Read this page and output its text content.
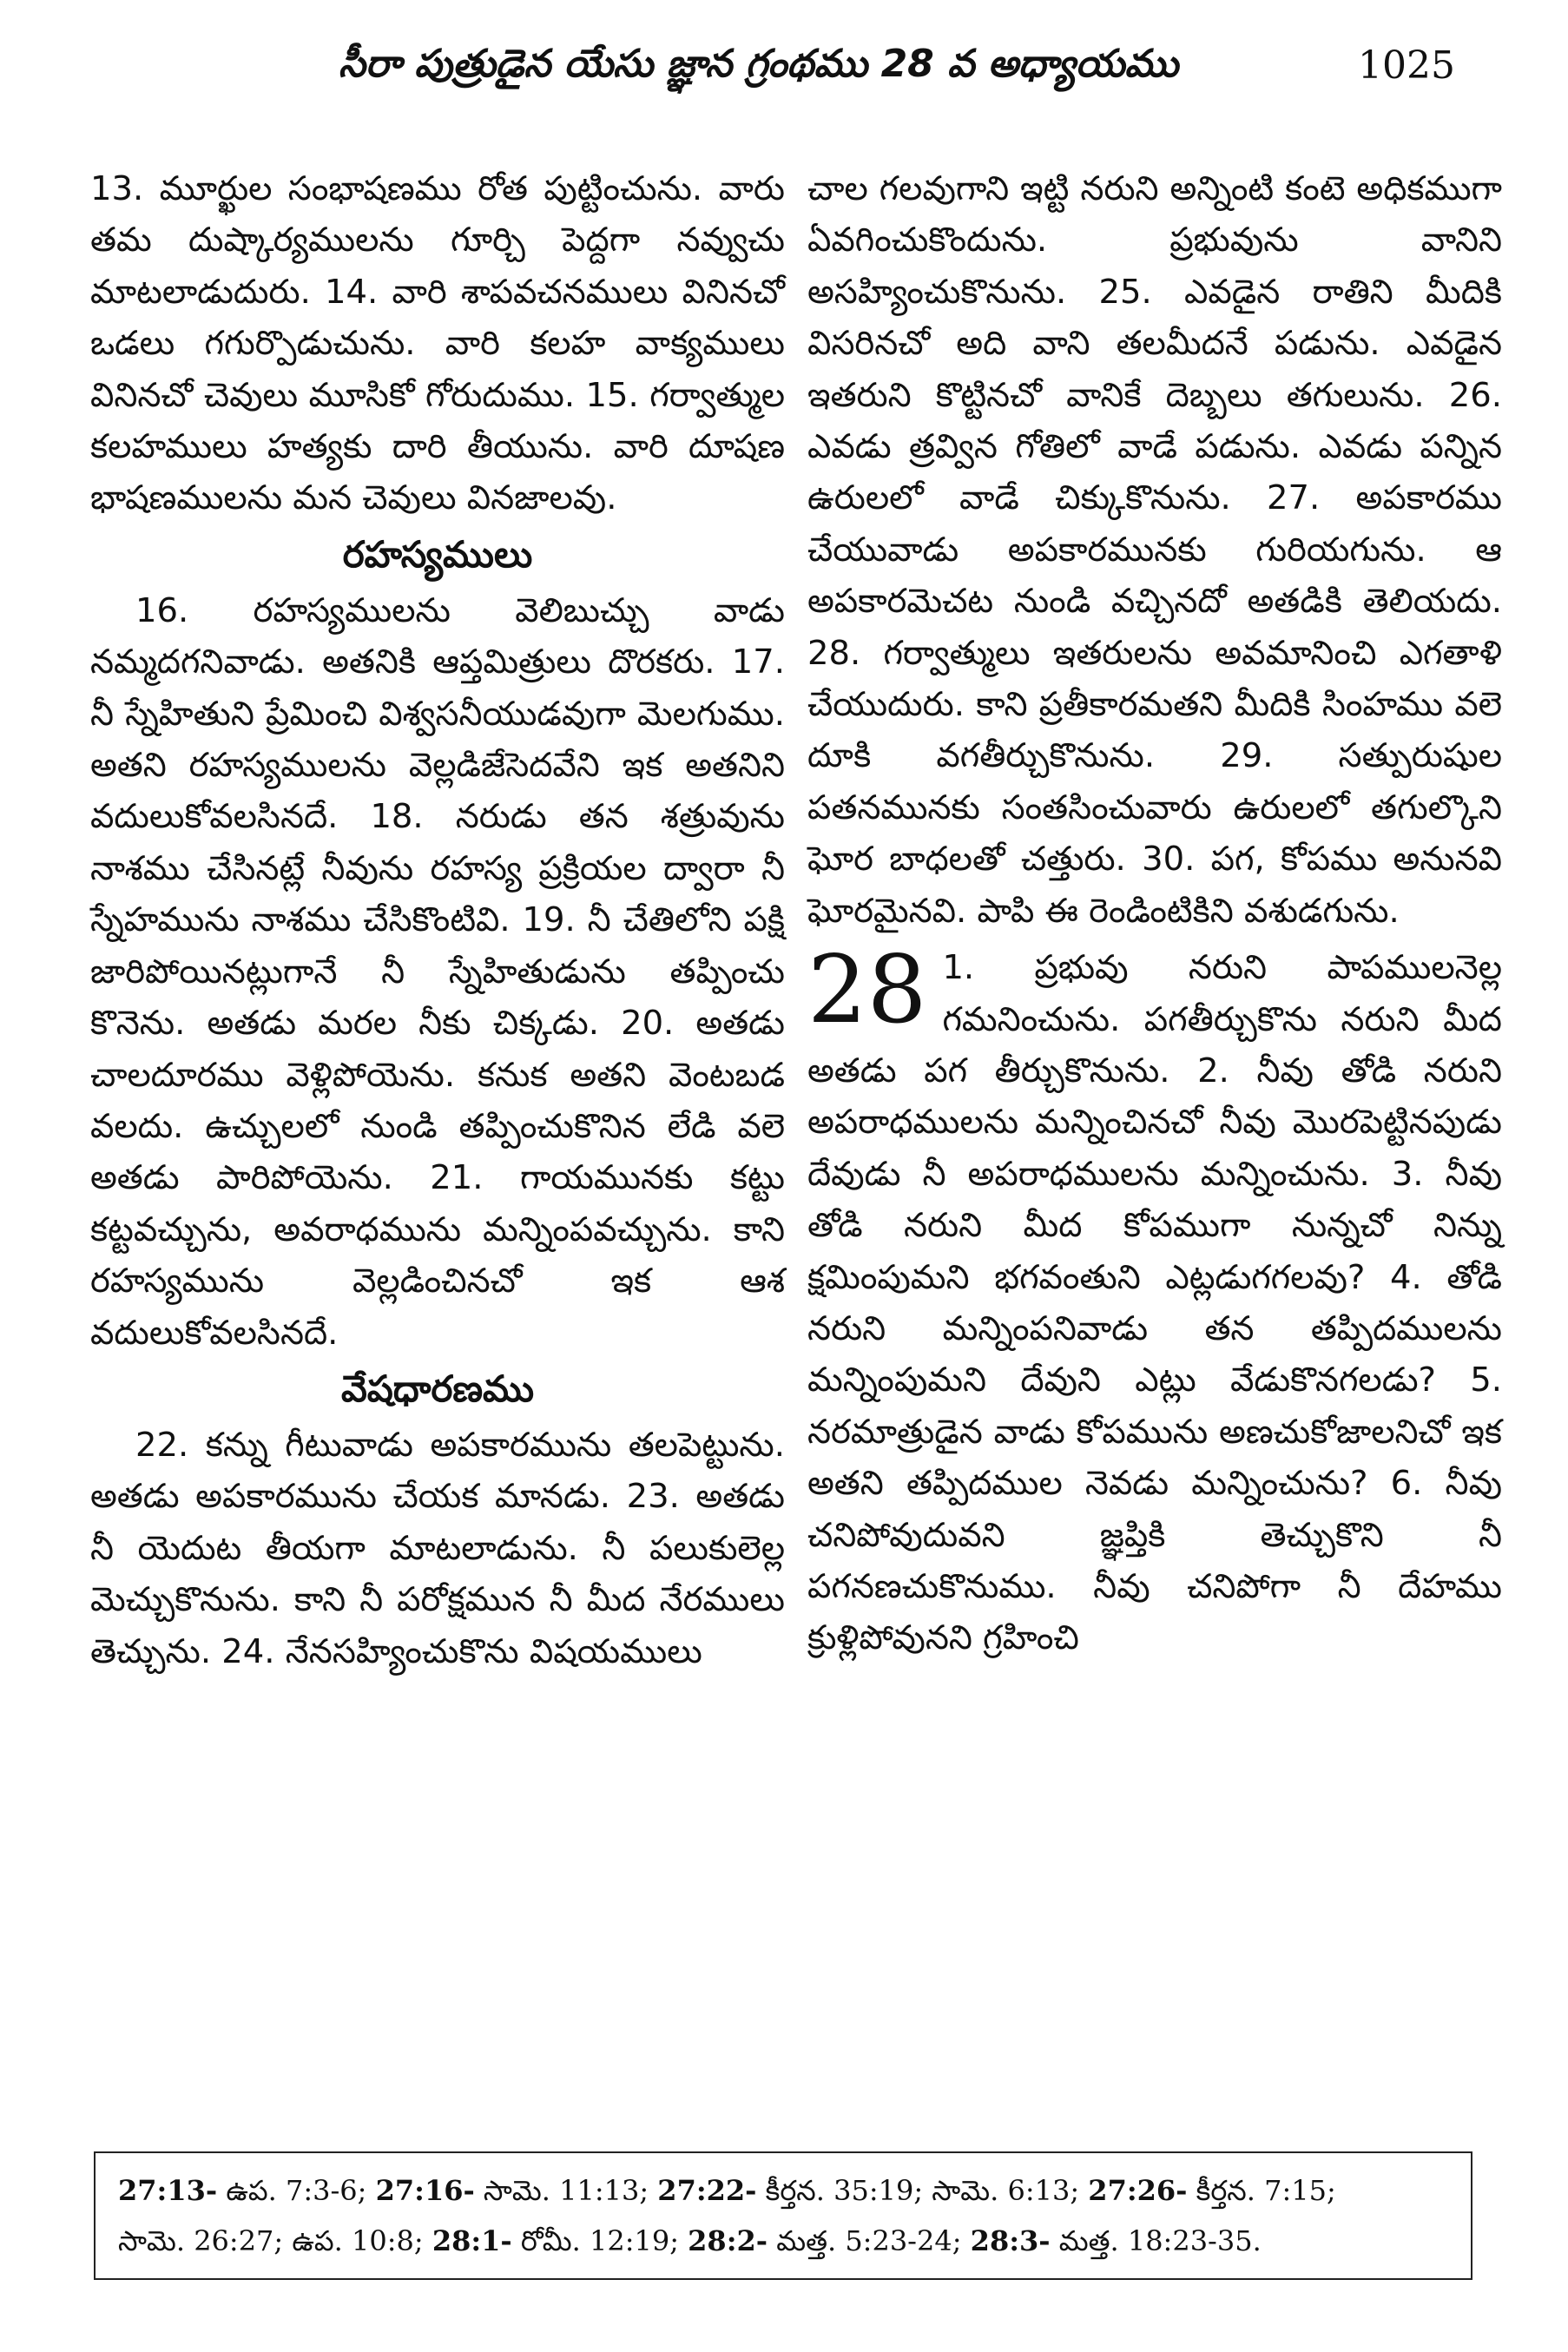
సీరా పుత్రుడైన యేసు జ్ఞాన గ్రంథము 28 వ అధ్యాయము	1025

13. మూర్ఖుల సంభాషణము రోత పుట్టించును. వారు తమ దుష్కార్యములను గూర్చి పెద్దగా నవ్వుచు మాటలాడుదురు. 14. వారి శాపవచనములు వినినచో ఒడలు గగుర్పొడుచును. వారి కలహ వాక్యములు వినినచో చెవులు మూసికో గోరుదుము. 15. గర్వాత్ముల కలహములు హత్యకు దారి తీయును. వారి దూషణ భాషణములను మన చెవులు వినజాలవు.

రహస్యములు

16. రహస్యములను వెలిబుచ్చు వాడు నమ్మదగనివాడు. అతనికి ఆప్తమిత్రులు దొరకరు. 17. నీ స్నేహితుని ప్రేమించి విశ్వసనీయుడవుగా మెలగుము. అతని రహస్యములను వెల్లడిజేసెదవేని ఇక అతనిని వదులుకోవలసినదే. 18. నరుడు తన శత్రువును నాశము చేసినట్లే నీవును రహస్య ప్రక్రియల ద్వారా నీ స్నేహమును నాశము చేసికొంటివి. 19. నీ చేతిలోని పక్షి జారిపోయినట్లుగానే నీ స్నేహితుడును తప్పించు కొనెను. అతడు మరల నీకు చిక్కడు. 20. అతడు చాలదూరము వెళ్లిపోయెను. కనుక అతని వెంటబడ వలదు. ఉచ్చులలో నుండి తప్పించుకొనిన లేడి వలె అతడు పారిపోయెను. 21. గాయమునకు కట్టు కట్టవచ్చును, అవరాధమును మన్నింపవచ్చును. కాని రహస్యమును వెల్లడించినచో ఇక ఆశ వదులుకోవలసినదే.

వేషధారణము

22. కన్ను గీటువాడు అపకారమును తలపెట్టును. అతడు అపకారమును చేయక మానడు. 23. అతడు నీ యెదుట తీయగా మాటలాడును. నీ పలుకులెల్ల మెచ్చుకొనును. కాని నీ పరోక్షమున నీ మీద నేరములు తెచ్చును. 24. నేనసహ్యించుకొను విషయములు

చాల గలవుగాని ఇట్టి నరుని అన్నింటి కంటె అధికముగా ఏవగించుకొందును. ప్రభువును వానిని అసహ్యించుకొనును. 25. ఎవడైన రాతిని మీదికి విసరినచో అది వాని తలమీదనే పడును. ఎవడైన ఇతరుని కొట్టినచో వానికే దెబ్బలు తగులును. 26. ఎవడు త్రవ్విన గోతిలో వాడే పడును. ఎవడు పన్నిన ఉరులలో వాడే చిక్కుకొనును. 27. అపకారము చేయువాడు అపకారమునకు గురియగును. ఆ అపకారమెచట నుండి వచ్చినదో అతడికి తెలియదు. 28. గర్వాత్ములు ఇతరులను అవమానించి ఎగతాళి చేయుదురు. కాని ప్రతీకారమతని మీదికి సింహము వలె దూకి వగతీర్చుకొనును. 29. సత్పురుషుల పతనమునకు సంతసించువారు ఉరులలో తగుల్కొని ఘోర బాధలతో చత్తురు. 30. పగ, కోపము అనునవి ఘోరమైనవి. పాపి ఈ రెండింటికిని వశుడగును.

28 1. ప్రభువు నరుని పాపములనెల్ల గమనించును. పగతీర్చుకొను నరుని మీద అతడు పగ తీర్చుకొనును. 2. నీవు తోడి నరుని అపరాధములను మన్నించినచో నీవు మొరపెట్టినపుడు దేవుడు నీ అపరాధములను మన్నించును. 3. నీవు తోడి నరుని మీద కోపముగా నున్నచో నిన్ను క్షమింపుమని భగవంతుని ఎట్లడుగగలవు? 4. తోడి నరుని మన్నింపనివాడు తన తప్పిదములను మన్నింపుమని దేవుని ఎట్లు వేడుకొనగలడు? 5. నరమాత్రుడైన వాడు కోపమును అణచుకోజాలనిచో ఇక అతని తప్పిదముల నెవడు మన్నించును? 6. నీవు చనిపోవుదువని జ్ఞప్తికి తెచ్చుకొని నీ పగనణచుకొనుము. నీవు చనిపోగా నీ దేహము క్రుళ్లిపోవునని గ్రహించి

27:13- ఉప. 7:3-6; 27:16- సామె. 11:13; 27:22- కీర్తన. 35:19; సామె. 6:13; 27:26- కీర్తన. 7:15;

సామె. 26:27; ఉప. 10:8; 28:1- రోమీ. 12:19; 28:2- మత్త. 5:23-24; 28:3- మత్త. 18:23-35.
